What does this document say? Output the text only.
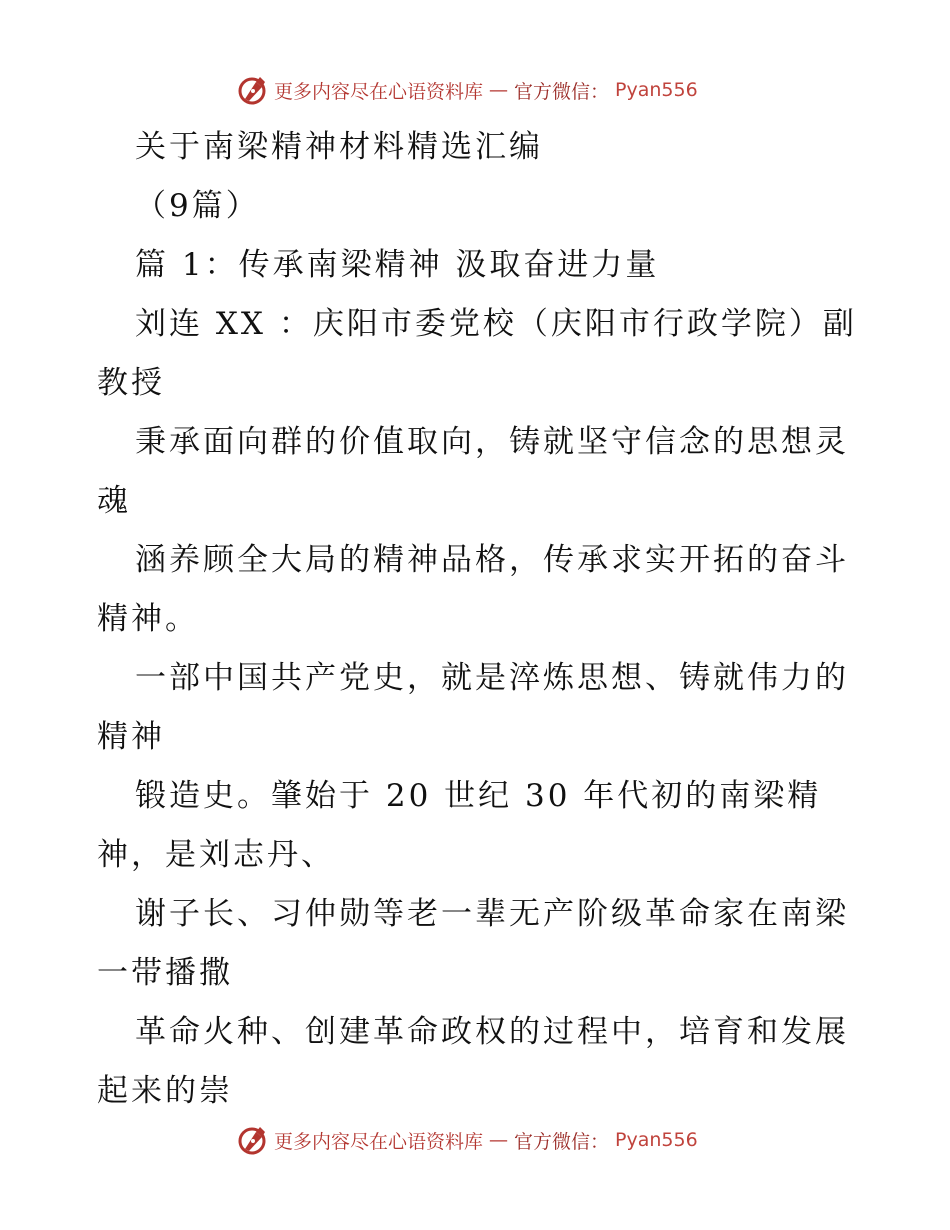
更多内容尽在心语资料库 — 官方微信： Pyan556
关于南梁精神材料精选汇编
（9篇）
篇 1：传承南梁精神 汲取奋进力量
刘连 XX ：庆阳市委党校（庆阳市行政学院）副
教授
秉承面向群的价值取向，铸就坚守信念的思想灵
魂
涵养顾全大局的精神品格，传承求实开拓的奋斗
精神。
一部中国共产党史，就是淬炼思想、铸就伟力的
精神
锻造史。肇始于 20 世纪 30 年代初的南梁精
神，是刘志丹、
谢子长、习仲勋等老一辈无产阶级革命家在南梁
一带播撒
革命火种、创建革命政权的过程中，培育和发展
起来的崇
更多内容尽在心语资料库 — 官方微信： Pyan556
